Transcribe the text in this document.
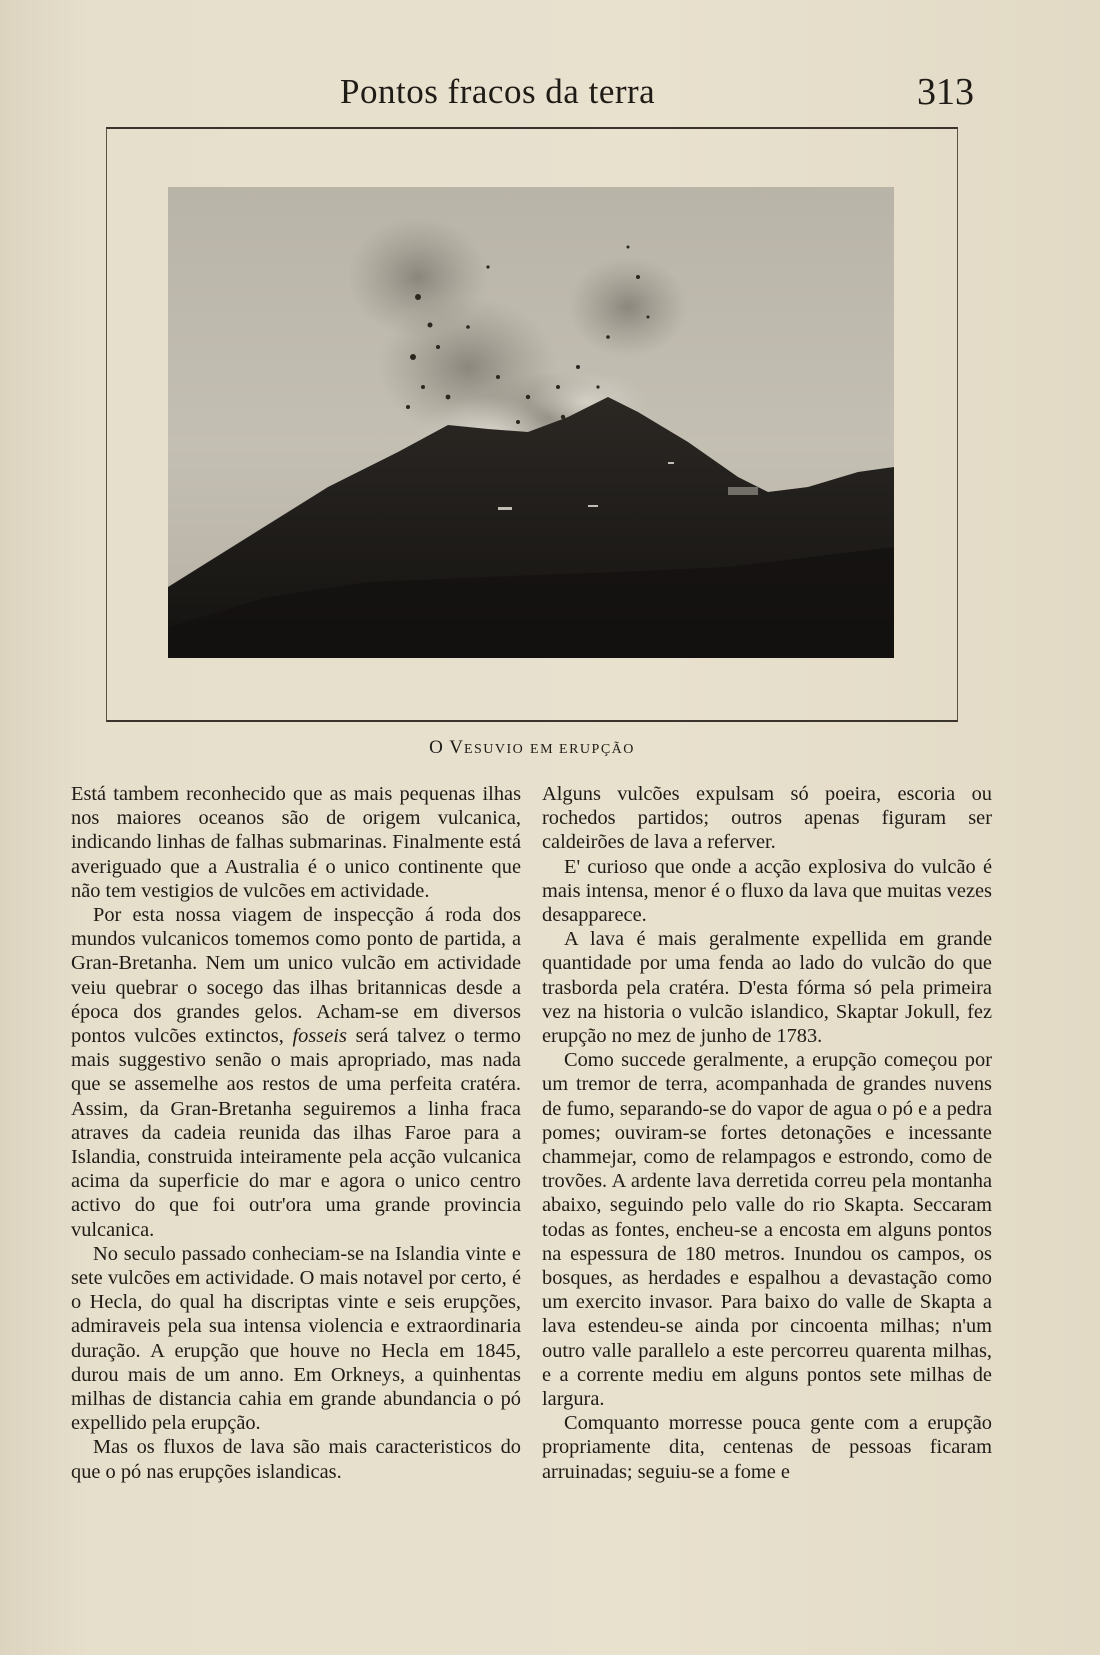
Pontos fracos da terra	313
O VESUVIO EM ERUPÇÃO

Está tambem reconhecido que as mais pequenas ilhas nos maiores oceanos são de origem vulcanica, indicando linhas de falhas submarinas. Finalmente está averiguado que a Australia é o unico continente que não tem vestigios de vulcões em actividade.

Por esta nossa viagem de inspecção á roda dos mundos vulcanicos tomemos como ponto de partida, a Gran-Bretanha. Nem um unico vulcão em actividade veiu quebrar o socego das ilhas britannicas desde a época dos grandes gelos. Acham-se em diversos pontos vulcões extinctos, fosseis será talvez o termo mais suggestivo senão o mais apropriado, mas nada que se assemelhe aos restos de uma perfeita cratéra. Assim, da Gran-Bretanha seguiremos a linha fraca atraves da cadeia reunida das ilhas Faroe para a Islandia, construida inteiramente pela acção vulcanica acima da superficie do mar e agora o unico centro activo do que foi outr'ora uma grande provincia vulcanica.

No seculo passado conheciam-se na Islandia vinte e sete vulcões em actividade. O mais notavel por certo, é o Hecla, do qual ha discriptas vinte e seis erupções, admiraveis pela sua intensa violencia e extraordinaria duração. A erupção que houve no Hecla em 1845, durou mais de um anno. Em Orkneys, a quinhentas milhas de distancia cahia em grande abundancia o pó expellido pela erupção.

Mas os fluxos de lava são mais caracteristicos do que o pó nas erupções islandicas.

Alguns vulcões expulsam só poeira, escoria ou rochedos partidos; outros apenas figuram ser caldeirões de lava a referver.

E' curioso que onde a acção explosiva do vulcão é mais intensa, menor é o fluxo da lava que muitas vezes desapparece.

A lava é mais geralmente expellida em grande quantidade por uma fenda ao lado do vulcão do que trasborda pela cratéra. D'esta fórma só pela primeira vez na historia o vulcão islandico, Skaptar Jokull, fez erupção no mez de junho de 1783.

Como succede geralmente, a erupção começou por um tremor de terra, acompanhada de grandes nuvens de fumo, separando-se do vapor de agua o pó e a pedra pomes; ouviram-se fortes detonações e incessante chammejar, como de relampagos e estrondo, como de trovões. A ardente lava derretida correu pela montanha abaixo, seguindo pelo valle do rio Skapta. Seccaram todas as fontes, encheu-se a encosta em alguns pontos na espessura de 180 metros. Inundou os campos, os bosques, as herdades e espalhou a devastação como um exercito invasor. Para baixo do valle de Skapta a lava estendeu-se ainda por cincoenta milhas; n'um outro valle parallelo a este percorreu quarenta milhas, e a corrente mediu em alguns pontos sete milhas de largura.

Comquanto morresse pouca gente com a erupção propriamente dita, centenas de pessoas ficaram arruinadas; seguiu-se a fome e
